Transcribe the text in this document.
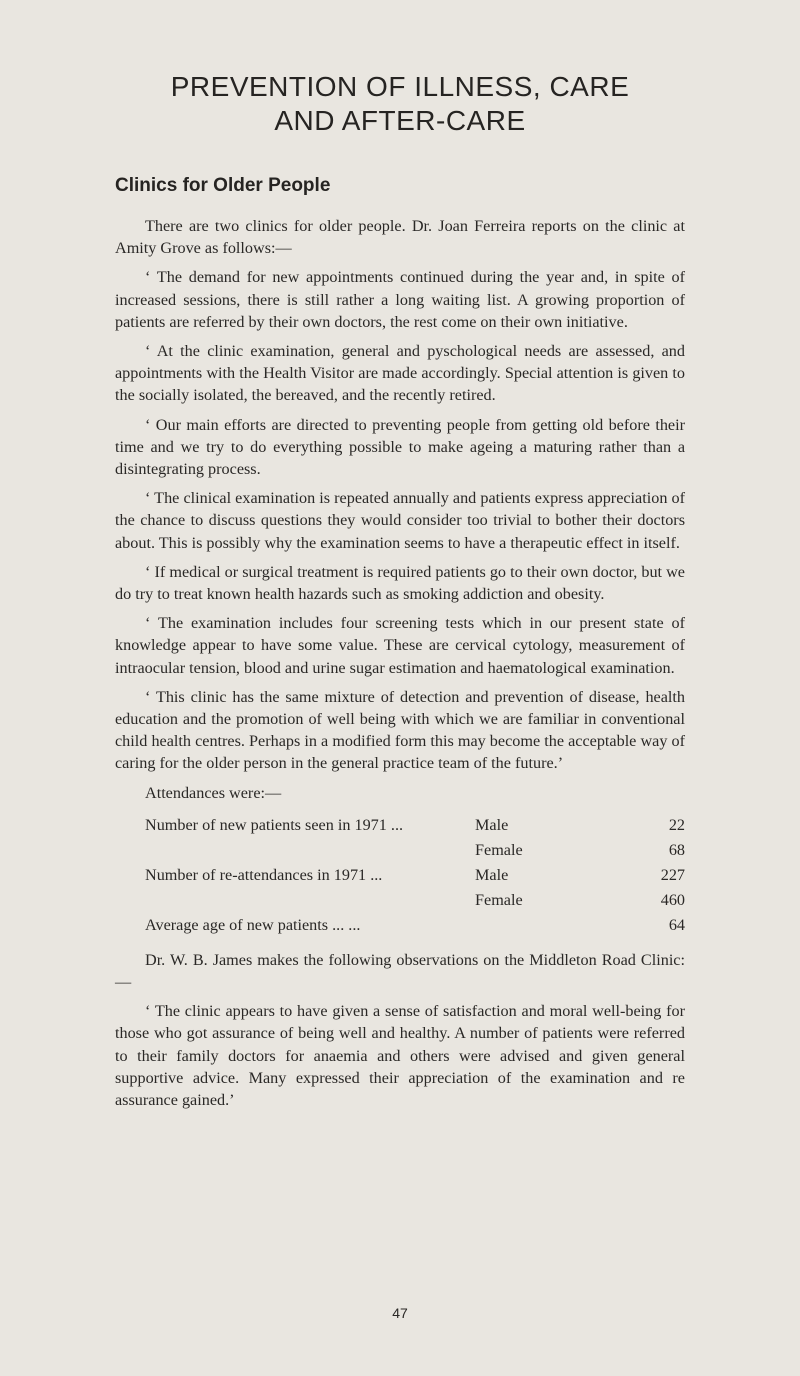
PREVENTION OF ILLNESS, CARE
AND AFTER-CARE
Clinics for Older People

There are two clinics for older people. Dr. Joan Ferreira reports on the clinic at Amity Grove as follows:—

‘ The demand for new appointments continued during the year and, in spite of increased sessions, there is still rather a long waiting list. A growing proportion of patients are referred by their own doctors, the rest come on their own initiative.

‘ At the clinic examination, general and pyschological needs are assessed, and appointments with the Health Visitor are made accordingly. Special attention is given to the socially isolated, the bereaved, and the recently retired.

‘ Our main efforts are directed to preventing people from getting old before their time and we try to do everything possible to make ageing a maturing rather than a disintegrating process.

‘ The clinical examination is repeated annually and patients express appreciation of the chance to discuss questions they would consider too trivial to bother their doctors about. This is possibly why the examination seems to have a therapeutic effect in itself.

‘ If medical or surgical treatment is required patients go to their own doctor, but we do try to treat known health hazards such as smoking addiction and obesity.

‘ The examination includes four screening tests which in our present state of knowledge appear to have some value. These are cervical cytology, measurement of intraocular tension, blood and urine sugar estimation and haematological examination.

‘ This clinic has the same mixture of detection and prevention of disease, health education and the promotion of well being with which we are familiar in conventional child health centres. Perhaps in a modified form this may become the acceptable way of caring for the older person in the general practice team of the future.’

Attendances were:—

Number of new patients seen in 1971 ...	Male	22
Female	68
Number of re-attendances in 1971 ...	Male	227
Female	460
Average age of new patients ... ...	64

Dr. W. B. James makes the following observations on the Middleton Road Clinic:—

‘ The clinic appears to have given a sense of satisfaction and moral well-being for those who got assurance of being well and healthy. A number of patients were referred to their family doctors for anaemia and others were advised and given general supportive advice. Many expressed their appreciation of the examination and re assurance gained.’

47
